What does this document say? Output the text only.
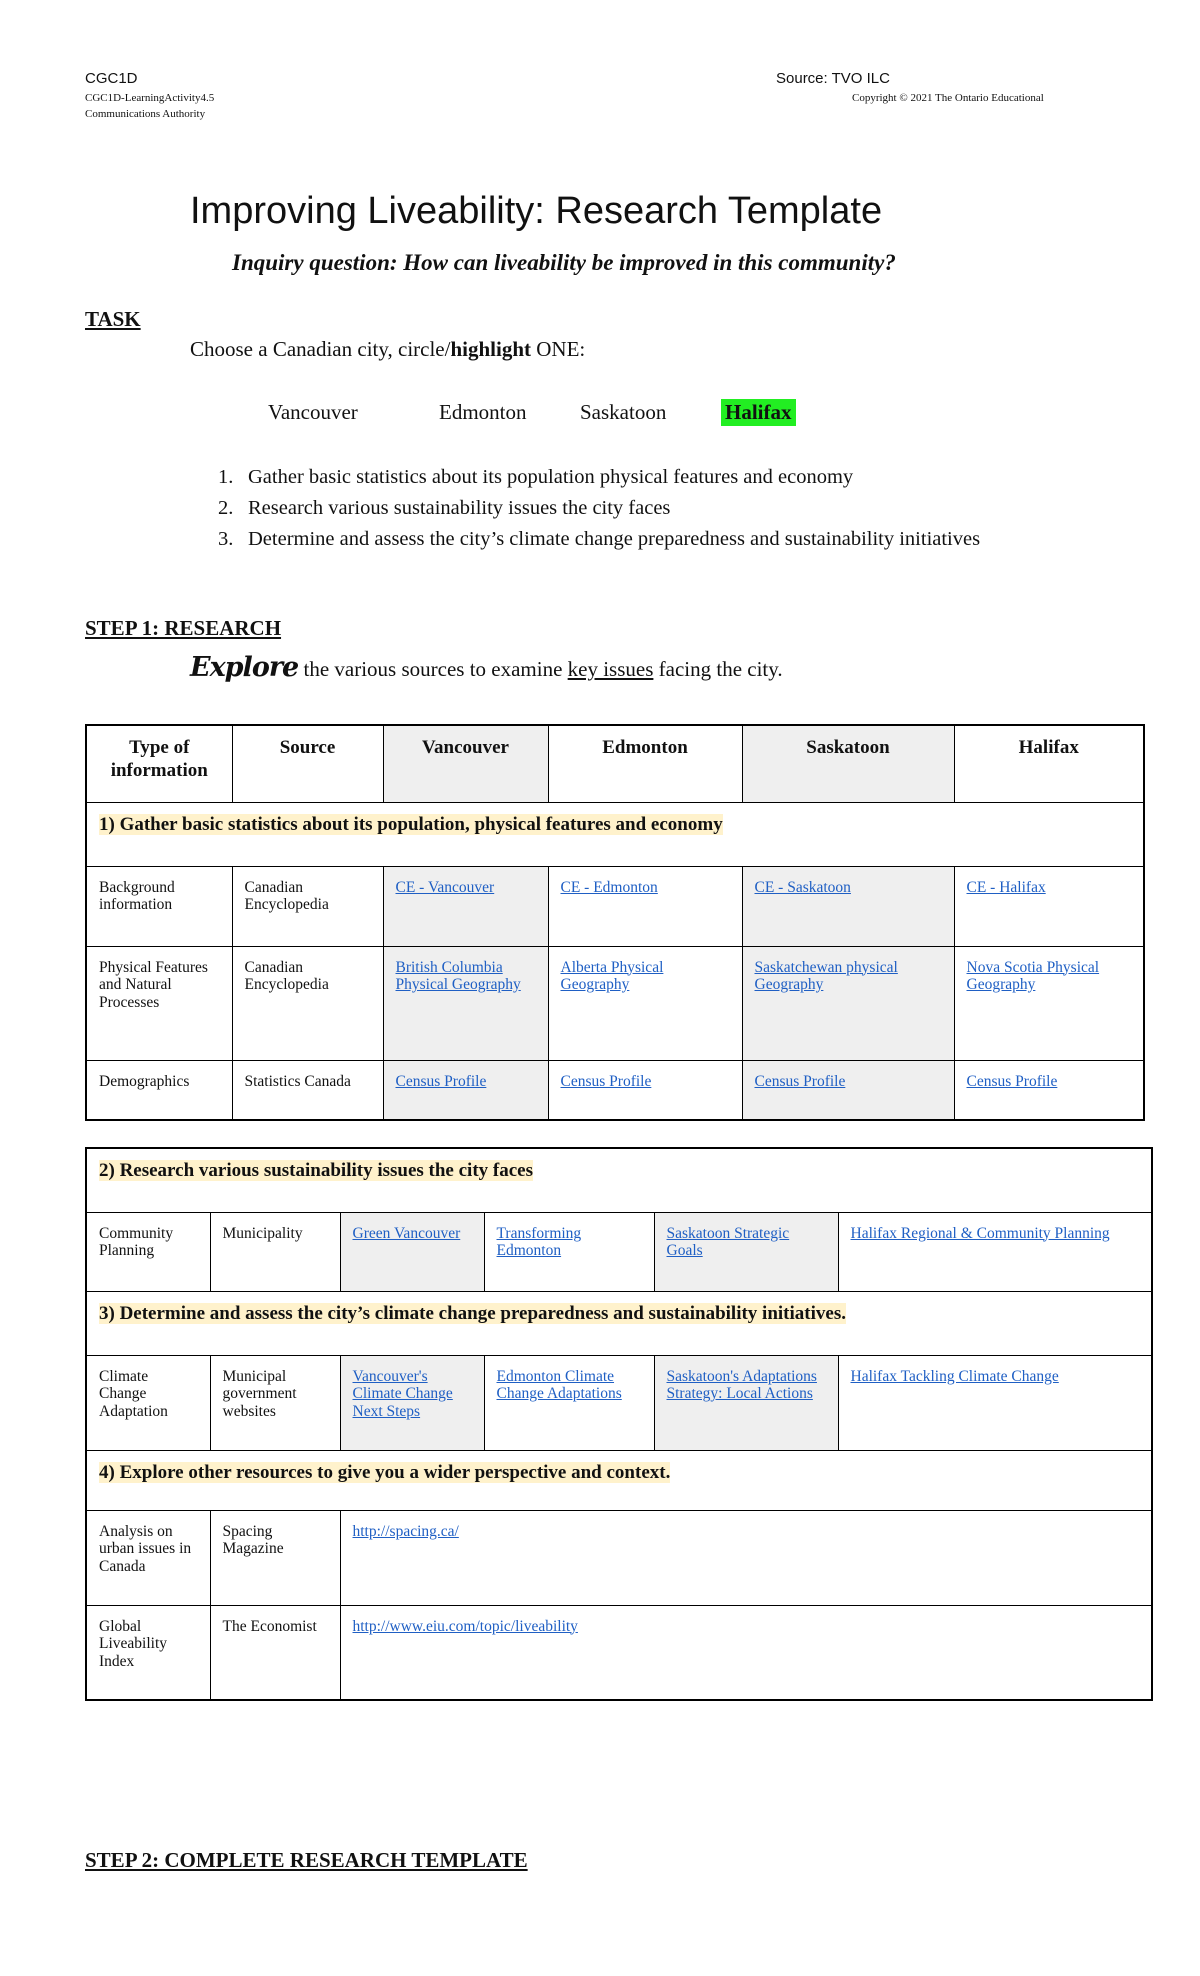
CGC1D	Source: TVO ILC
CGC1D-LearningActivity4.5	Copyright © 2021 The Ontario Educational
Communications Authority
Improving Liveability: Research Template
Inquiry question: How can liveability be improved in this community?
TASK
Choose a Canadian city, circle/highlight ONE:
Vancouver	Edmonton	Saskatoon	Halifax
1. Gather basic statistics about its population physical features and economy
2. Research various sustainability issues the city faces
3. Determine and assess the city’s climate change preparedness and sustainability initiatives
STEP 1: RESEARCH
Explore the various sources to examine key issues facing the city.
Type of information	Source	Vancouver	Edmonton	Saskatoon	Halifax
1) Gather basic statistics about its population, physical features and economy					
Background information	Canadian Encyclopedia	CE - Vancouver	CE - Edmonton	CE - Saskatoon	CE - Halifax
Physical Features and Natural Processes	Canadian Encyclopedia	British Columbia Physical Geography	Alberta Physical Geography	Saskatchewan physical Geography	Nova Scotia Physical Geography
Demographics	Statistics Canada	Census Profile	Census Profile	Census Profile	Census Profile
2) Research various sustainability issues the city faces					
Community Planning	Municipality	Green Vancouver	Transforming Edmonton	Saskatoon Strategic Goals	Halifax Regional & Community Planning
3) Determine and assess the city’s climate change preparedness and sustainability initiatives.					
Climate Change Adaptation	Municipal government websites	Vancouver's Climate Change Next Steps	Edmonton Climate Change Adaptations	Saskatoon's Adaptations Strategy: Local Actions	Halifax Tackling Climate Change
4) Explore other resources to give you a wider perspective and context.					
Analysis on urban issues in Canada	Spacing Magazine	http://spacing.ca/			
Global Liveability Index	The Economist	http://www.eiu.com/topic/liveability			
STEP 2: COMPLETE RESEARCH TEMPLATE
